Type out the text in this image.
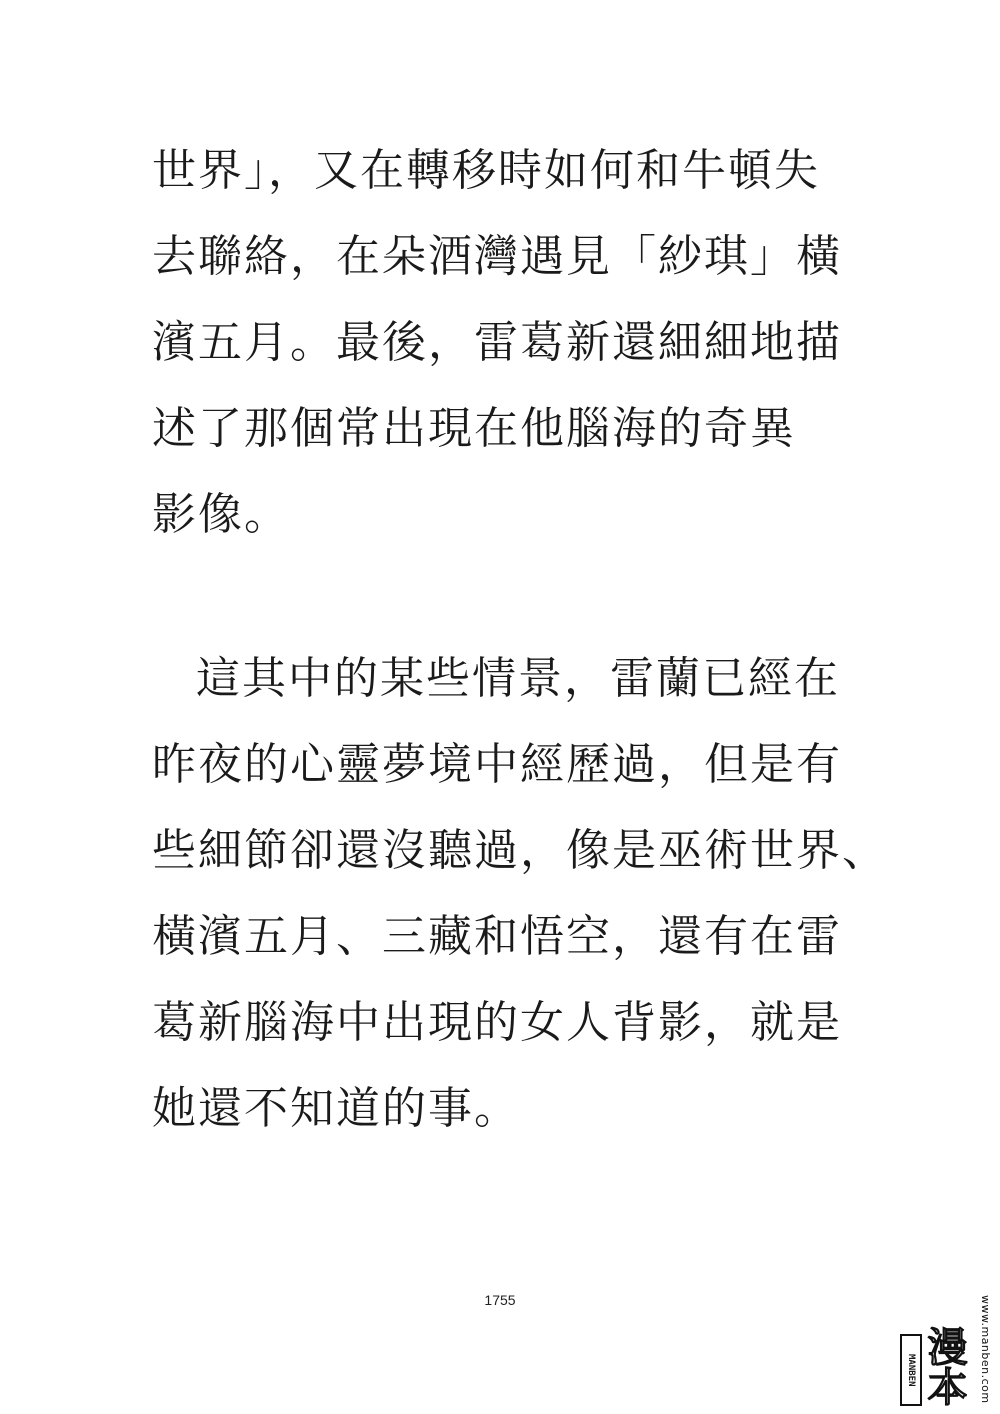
世界」，又在轉移時如何和牛頓失
去聯絡，在朵酒灣遇見「紗琪」橫
濱五月。最後，雷葛新還細細地描
述了那個常出現在他腦海的奇異
影像。
這其中的某些情景，雷蘭已經在
昨夜的心靈夢境中經歷過，但是有
些細節卻還沒聽過，像是巫術世界、
橫濱五月、三藏和悟空，還有在雷
葛新腦海中出現的女人背影，就是
她還不知道的事。
1755
MANBEN 漫本 www.manben.com
